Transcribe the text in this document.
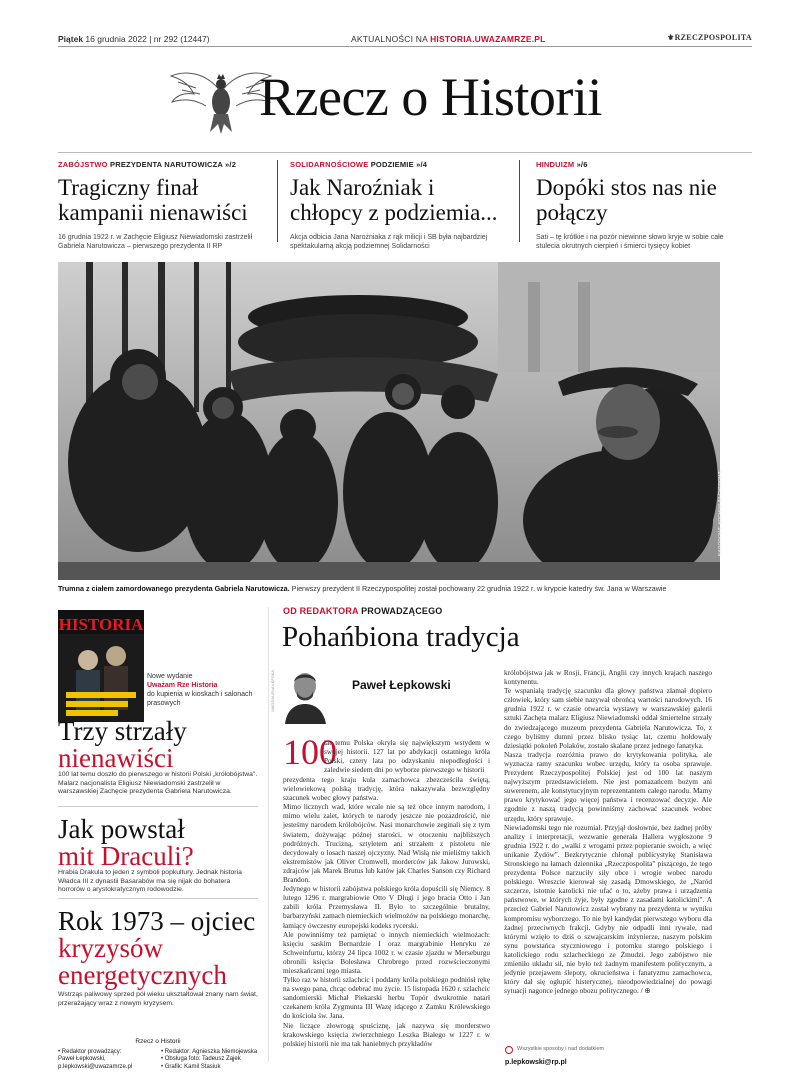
Piątek 16 grudnia 2022 | nr 292 (12447)	AKTUALNOŚCI NA HISTORIA.UWAZAMRZE.PL	⚜RZECZPOSPOLITA
Rzecz o Historii
ZABÓJSTWO PREZYDENTA NARUTOWICZA »/2
Tragiczny finał kampanii nienawiści
16 grudnia 1922 r. w Zachęcie Eligiusz Niewiadomski zastrzelił Gabriela Narutowicza – pierwszego prezydenta II RP
SOLIDARNOŚCIOWE PODZIEMIE »/4
Jak Naroźniak i chłopcy z podziemia...
Akcja odbicia Jana Narożniaka z rąk milicji i SB była najbardziej spektakularną akcją podziemnej Solidarności
HINDUIZM »/6
Dopóki stos nas nie połączy
Sati – tę krótkie i na pozór niewinne słowo kryje w sobie całe stulecia okrutnych cierpień i śmierci tysięcy kobiet
NARODOWE ARCHIWUM CYFROWE
Trumna z ciałem zamordowanego prezydenta Gabriela Narutowicza. Pierwszy prezydent II Rzeczypospolitej został pochowany 22 grudnia 1922 r. w krypcie katedry św. Jana w Warszawie
HISTORIA
Nowe wydanie
Uważam Rze Historia
do kupienia w kioskach i salonach prasowych
Trzy strzały
nienawiści
100 lat temu doszło do pierwszego w historii Polski „królobójstwa". Malarz nacjonalista Eligiusz Niewiadomski zastrzelił w warszawskiej Zachęcie prezydenta Gabriela Narutowicza.
Jak powstał
mit Draculi?
Hrabia Drakula to jeden z symboli popkultury. Jednak historia Władca III z dynastii Basarabów ma się nijak do bohatera horrorów o arystokratycznym rodowodzie.
Rok 1973 – ojciec
kryzysów energetycznych
Wstrząs paliwowy sprzed pół wieku ukształtował znany nam świat, przerażający wraz z nowym kryzysem.
Rzecz o Historii
• Redaktor prowadzący:
Paweł Łepkowski,
p.lepkowski@uwazamrze.pl
• Redaktor: Agnieszka Niemojewska
• Obsługa foto: Tadeusz Ząjek
• Grafik: Kamil Stasiuk
OD REDAKTORA PROWADZĄCEGO
Pohańbiona tradycja
MAGDALENA ŁĘPSKA	Paweł Łepkowski
100
lat temu Polska okryła się największym wstydem w swojej historii. 127 lat po abdykacji ostatniego króla Polski, cztery lata po odzyskaniu niepodległości i zaledwie siedem dni po wyborze pierwszego w historii
prezydenta tego kraju kula zamachowca zbezcześciła świętą, wielowiekową polską tradycję, która nakazywała bezwzględny szacunek wobec głowy państwa.
Mimo licznych wad, które wcale nie są też obce innym narodom, i mimo wielu zalet, których te narody jeszcze nie pozazdrościć, nie jesteśmy narodem królobójców. Nasi monarchowie zeginali się z tym światem, dożywając późnej starości, w otoczeniu najbliższych podróżnych. Trucizną, sztyletem ani strzałem z pistoletu nie decydowały o losach naszej ojczyzny. Nad Wisłą nie mieliśmy takich ekstremistów jak Oliver Cromwell, morderców jak Jakow Jurowski, zdrajców jak Marek Brutus lub katów jak Charles Sanson czy Richard Brandon.
Jedynego w historii zabójstwa polskiego króla dopuścili się Niemcy. 8 lutego 1296 r. margrabiowie Otto V Długi i jego bracia Otto i Jan zabili króla Przemysława II. Było to szczególnie brutalny, barbarzyński zamach niemieckich wielmożów na polskiego monarchę, łamiący ówczesny europejski kodeks rycerski.
Ale powinniśmy też pamiętać o innych niemieckich wielmożach: księciu saskim Bernardzie I oraz margrabinie Henryku ze Schweinfurtu, którzy 24 lipca 1002 r. w czasie zjazdu w Merseburgu obronili księcia Bolesława Chrobrego przed rozwścieczonymi mieszkańcami tego miasta.
Tylko raz w historii szlachcic i poddany króla polskiego podniósł rękę na swego pana, chcąc odebrać mu życie. 15 listopada 1620 r. szlachcic sandomierski Michał Piekarski herbu Topór dwukrotnie natarł czekanem króla Zygmunta III Wazę idącego z Zamku Królewskiego do kościoła św. Jana.
Nie liczące złowrogą spuściznę, jak nazywa się morderstwo krakowskiego księcia zwierzchniego Leszka Białego w 1227 r. w polskiej historii nie ma tak haniebnych przykładów
królobójstwa jak w Rosji, Francji, Anglii czy innych krajach naszego kontynentu.
Te wspaniałą tradycję szacunku dla głowy państwa złamał dopiero człowiek, który sam siebie nazywał obrońcą wartości narodowych. 16 grudnia 1922 r. w czasie otwarcia wystawy w warszawskiej galerii sztuki Zachęta malarz Eligiusz Niewiadomski oddał śmiertelne strzały do zwiedzającego muzeum prezydenta Gabriela Narutowicza. To, z czego byliśmy dumni przez blisko tysiąc lat, czemu hołdowały dziesiątki pokoleń Polaków, zostało skalane przez jednego fanatyka.
Nasza tradycja rozróżnia prawo do krytykowania polityka, ale wyznacza ramy szacunku wobec urzędu, który ta osoba sprawuje. Prezydent Rzeczypospolitej Polskiej jest od 100 lat naszym najwyższym przedstawicielem. Nie jest pomazańcem bożym ani suwerenem, ale konstytucyjnym reprezentantem całego narodu. Mamy prawo krytykować jego więcej państwa i recenzować decyzje. Ale zgodnie z naszą tradycją powinniśmy zachować szacunek wobec urzędu, który sprawuje.
Niewiadomski tego nie rozumiał. Przyjął dosłownie, bez żadnej próby analizy i interpretacji, wezwanie generała Hallera wygłoszone 9 grudnia 1922 r. do „walki z wrogami przez popieranie swoich, a więc unikanie Żydów". Bezkrytycznie chłonął publicystykę Stanisława Stronskiego na łamach dziennika „Rzeczpospolita" piszącego, że tego prezydenta Polsce narzuciły siły obce i wrogie wobec narodu polskiego. Wreszcie kierował się zasadą Dmowskiego, że „Naród szczerze, istotnie katolicki nie ufać o to, ażeby prawa i urządzenia państwowe, w których żyje, były zgodne z zasadami katolickimi". A przecież Gabriel Narutowicz został wybrany na prezydenta w wyniku kompromisu wyborczego. To nie był kandydat pierwszego wyboru dla żadnej przeciwnych frakcji. Gdyby nie odpadli inni rywale, nad którymi wzięło to dziś o szwajcarskim inżynierze, naszym polskim synu powstańca styczniowego i potomku starego polskiego i katolickiego rodu szlacheckiego ze Żmudzi. Jego zabójstwo nie zmieniło układu sił, nie było też żadnym manifestem politycznym, a jedynie przejawem ślepoty, okrucieństwa i fanatyzmu zamachowca, który dał się ogłupić histerycznej, nieodpowiedzialnej do powagi sytuacji nagonce jednego obozu politycznego. / ⊕
Wszystkie sposoby i nad dodatkiem
p.lepkowski@rp.pl
